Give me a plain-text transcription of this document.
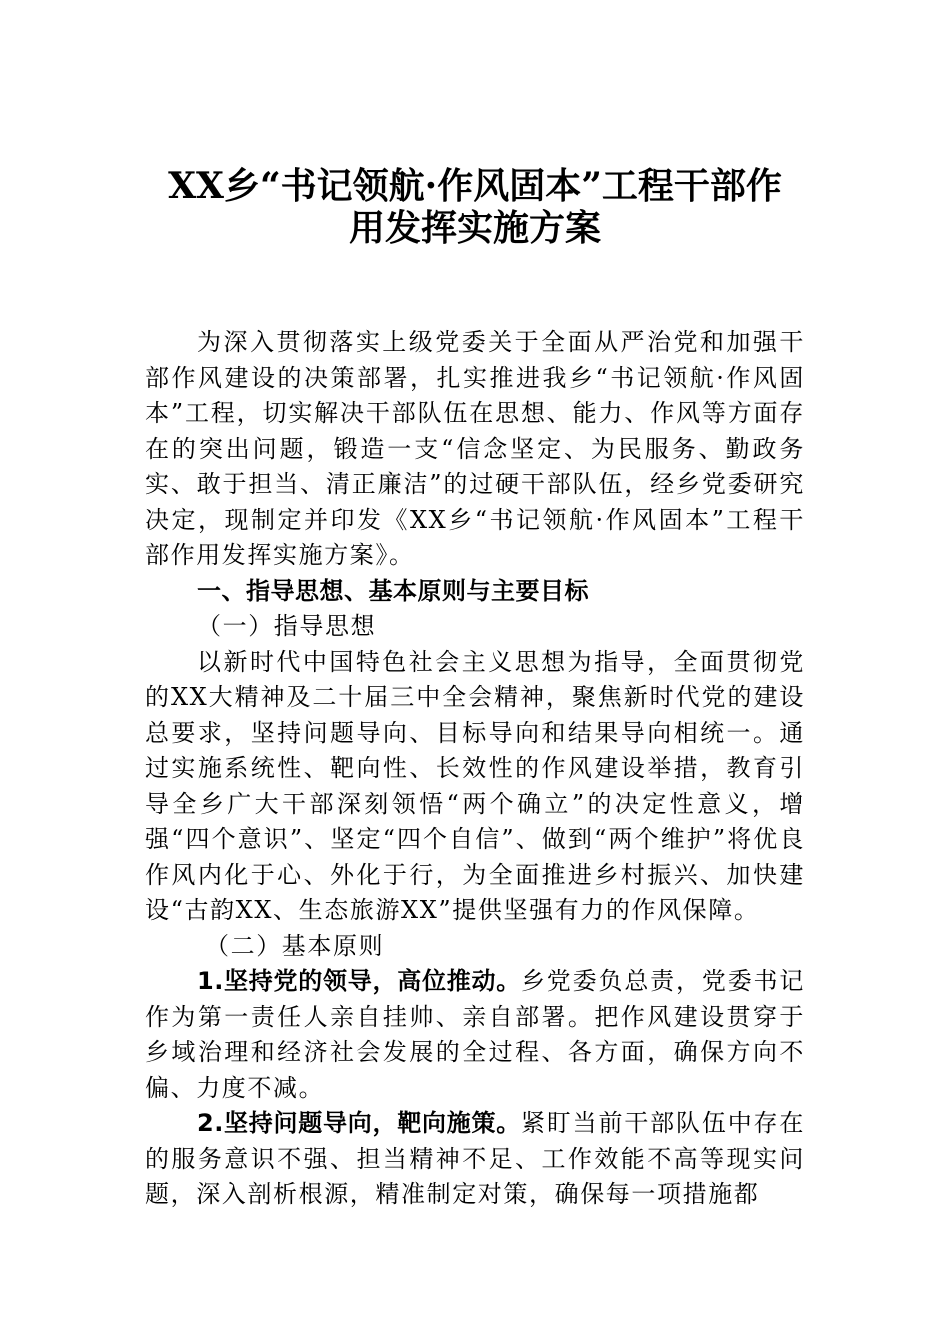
XX乡“书记领航·作风固本”工程干部作
用发挥实施方案

为深入贯彻落实上级党委关于全面从严治党和加强干部作风建设的决策部署，扎实推进我乡“书记领航·作风固本”工程，切实解决干部队伍在思想、能力、作风等方面存在的突出问题，锻造一支“信念坚定、为民服务、勤政务实、敢于担当、清正廉洁”的过硬干部队伍，经乡党委研究决定，现制定并印发《XX乡“书记领航·作风固本”工程干部作用发挥实施方案》。

一、指导思想、基本原则与主要目标

（一）指导思想

以新时代中国特色社会主义思想为指导，全面贯彻党的XX大精神及二十届三中全会精神，聚焦新时代党的建设总要求，坚持问题导向、目标导向和结果导向相统一。通过实施系统性、靶向性、长效性的作风建设举措，教育引导全乡广大干部深刻领悟“两个确立”的决定性意义，增强“四个意识”、坚定“四个自信”、做到“两个维护”将优良作风内化于心、外化于行，为全面推进乡村振兴、加快建设“古韵XX、生态旅游XX”提供坚强有力的作风保障。

（二）基本原则

1.坚持党的领导，高位推动。乡党委负总责，党委书记作为第一责任人亲自挂帅、亲自部署。把作风建设贯穿于乡域治理和经济社会发展的全过程、各方面，确保方向不偏、力度不减。

2.坚持问题导向，靶向施策。紧盯当前干部队伍中存在的服务意识不强、担当精神不足、工作效能不高等现实问题，深入剖析根源，精准制定对策，确保每一项措施都
